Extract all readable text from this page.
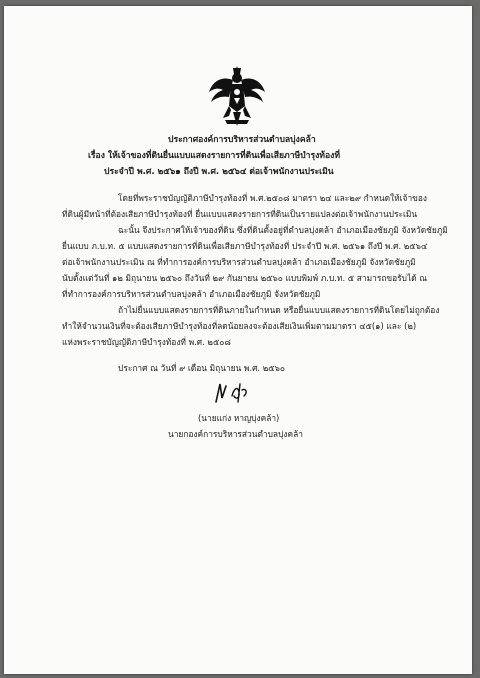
ประกาศองค์การบริหารส่วนตำบลบุ่งคล้า
เรื่อง ให้เจ้าของที่ดินยื่นแบบแสดงรายการที่ดินเพื่อเสียภาษีบำรุงท้องที่
ประจำปี พ.ศ. ๒๕๖๑ ถึงปี พ.ศ. ๒๕๖๔ ต่อเจ้าพนักงานประเมิน
โดยที่พระราชบัญญัติภาษีบำรุงท้องที่ พ.ศ.๒๕๐๘ มาตรา ๒๔ และ๒๙ กำหนดให้เจ้าของ
ที่ดินผู้มีหน้าที่ต้องเสียภาษีบำรุงท้องที่ ยื่นแบบแสดงรายการที่ดินเป็นรายแปลงต่อเจ้าพนักงานประเมิน
ฉะนั้น จึงประกาศให้เจ้าของที่ดิน ซึ่งที่ดินตั้งอยู่ที่ตำบลบุ่งคล้า อำเภอเมืองชัยภูมิ จังหวัดชัยภูมิ
ยื่นแบบ ภ.บ.ท. ๕ แบบแสดงรายการที่ดินเพื่อเสียภาษีบำรุงท้องที่ ประจำปี พ.ศ. ๒๕๖๑ ถึงปี พ.ศ. ๒๕๖๔
ต่อเจ้าพนักงานประเมิน ณ ที่ทำการองค์การบริหารส่วนตำบลบุ่งคล้า อำเภอเมืองชัยภูมิ จังหวัดชัยภูมิ
นับตั้งแต่วันที่ ๑๒ มิถุนายน ๒๕๖๐ ถึงวันที่ ๒๙ กันยายน ๒๕๖๐ แบบพิมพ์ ภ.บ.ท. ๕ สามารถขอรับได้ ณ
ที่ทำการองค์การบริหารส่วนตำบลบุ่งคล้า อำเภอเมืองชัยภูมิ จังหวัดชัยภูมิ
ถ้าไม่ยื่นแบบแสดงรายการที่ดินภายในกำหนด หรือยื่นแบบแสดงรายการที่ดินโดยไม่ถูกต้อง
ทำให้จำนวนเงินที่จะต้องเสียภาษีบำรุงท้องที่ลดน้อยลงจะต้องเสียเงินเพิ่มตามมาตรา ๔๕(๑) และ (๒)
แห่งพระราชบัญญัติภาษีบำรุงท้องที่ พ.ศ. ๒๕๐๘
ประกาศ ณ วันที่ ๙ เดือน มิถุนายน พ.ศ. ๒๕๖๐
(นายแก่ง หาญบุ่งคล้า)
นายกองค์การบริหารส่วนตำบลบุ่งคล้า
